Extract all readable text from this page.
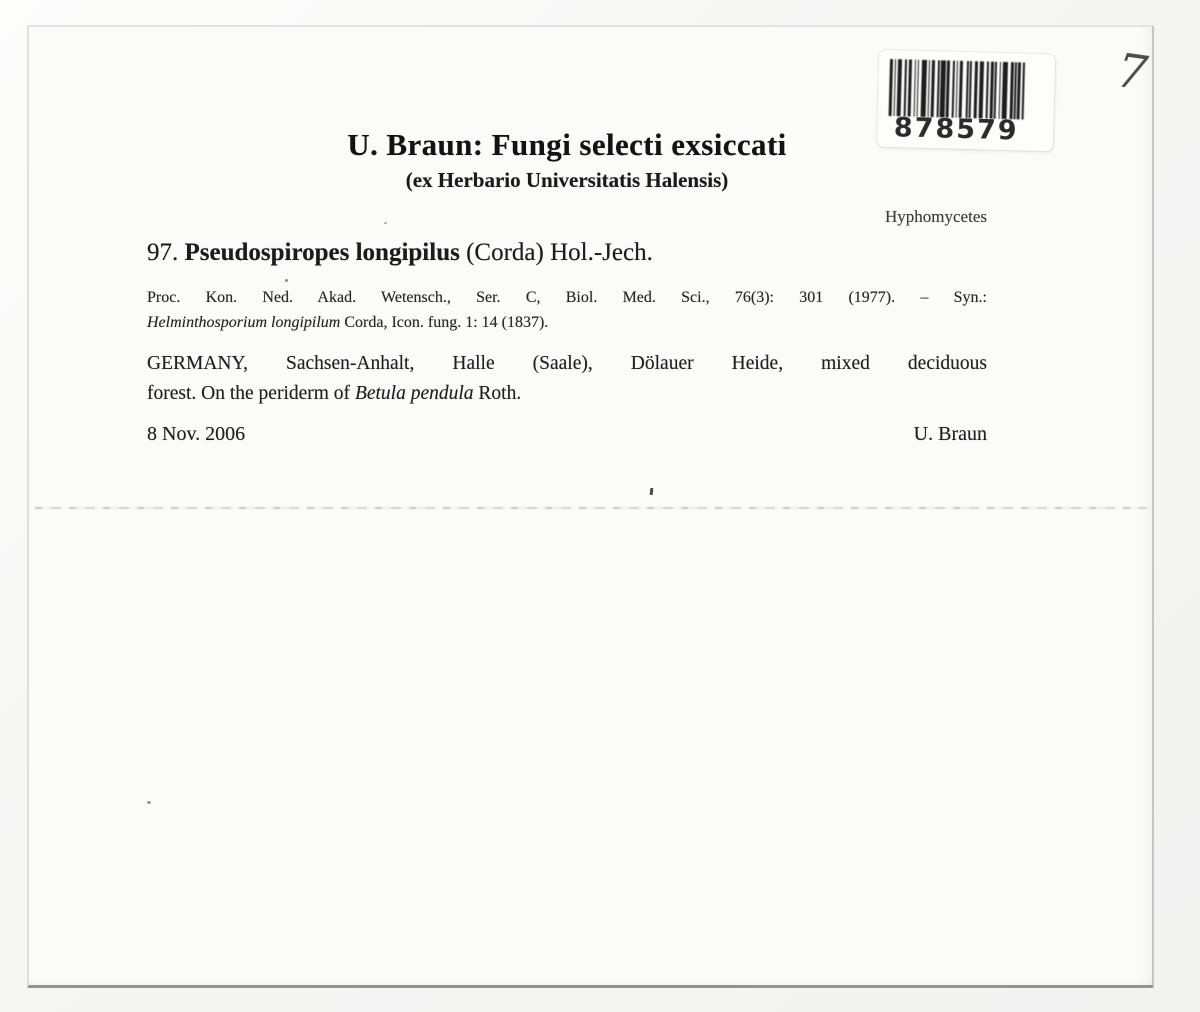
878579
7
U. Braun: Fungi selecti exsiccati
(ex Herbario Universitatis Halensis)
Hyphomycetes
97. Pseudospiropes longipilus (Corda) Hol.-Jech.
Proc. Kon. Ned. Akad. Wetensch., Ser. C, Biol. Med. Sci., 76(3): 301 (1977). – Syn.:
Helminthosporium longipilum Corda, Icon. fung. 1: 14 (1837).
GERMANY, Sachsen-Anhalt, Halle (Saale), Dölauer Heide, mixed deciduous
forest. On the periderm of Betula pendula Roth.
8 Nov. 2006	U. Braun
